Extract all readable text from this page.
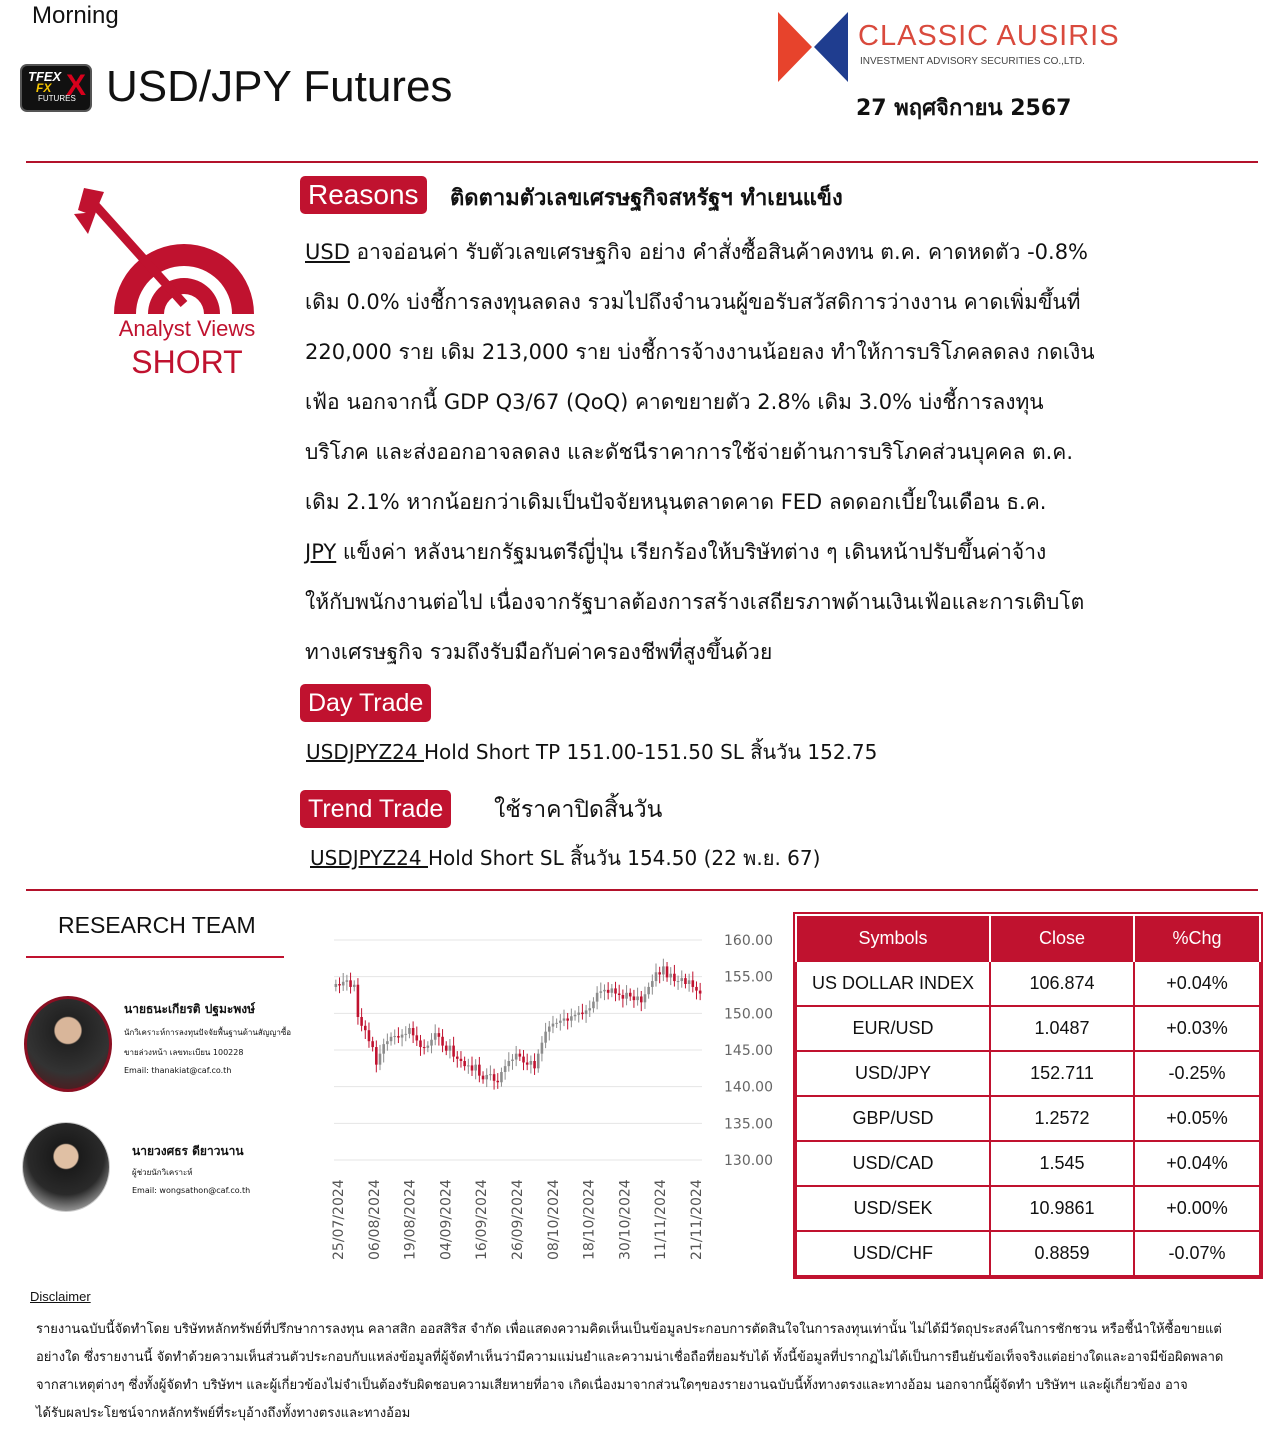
Morning
TFEX
FX
FUTURES
X USD/JPY Futures
CLASSIC AUSIRIS
INVESTMENT ADVISORY SECURITIES CO.,LTD.
27 พฤศจิกายน 2567
Analyst Views
SHORT
Reasons	ติดตามตัวเลขเศรษฐกิจสหรัฐฯ ทำเยนแข็ง

USD อาจอ่อนค่า รับตัวเลขเศรษฐกิจ อย่าง คำสั่งซื้อสินค้าคงทน ต.ค. คาดหดตัว -0.8%

เดิม 0.0% บ่งชี้การลงทุนลดลง รวมไปถึงจำนวนผู้ขอรับสวัสดิการว่างงาน คาดเพิ่มขึ้นที่

220,000 ราย เดิม 213,000 ราย บ่งชี้การจ้างงานน้อยลง ทำให้การบริโภคลดลง กดเงิน

เฟ้อ นอกจากนี้ GDP Q3/67 (QoQ) คาดขยายตัว 2.8% เดิม 3.0% บ่งชี้การลงทุน

บริโภค และส่งออกอาจลดลง และดัชนีราคาการใช้จ่ายด้านการบริโภคส่วนบุคคล ต.ค.

เดิม 2.1% หากน้อยกว่าเดิมเป็นปัจจัยหนุนตลาดคาด FED ลดดอกเบี้ยในเดือน ธ.ค.

JPY แข็งค่า หลังนายกรัฐมนตรีญี่ปุ่น เรียกร้องให้บริษัทต่าง ๆ เดินหน้าปรับขึ้นค่าจ้าง

ให้กับพนักงานต่อไป เนื่องจากรัฐบาลต้องการสร้างเสถียรภาพด้านเงินเฟ้อและการเติบโต

ทางเศรษฐกิจ รวมถึงรับมือกับค่าครองชีพที่สูงขึ้นด้วย

Day Trade
USDJPYZ24 Hold Short TP 151.00-151.50 SL สิ้นวัน 152.75
Trend Trade	ใช้ราคาปิดสิ้นวัน
USDJPYZ24 Hold Short SL สิ้นวัน 154.50 (22 พ.ย. 67)
RESEARCH TEAM
นายธนะเกียรติ ปฐมะพงษ์
นักวิเคราะห์การลงทุนปัจจัยพื้นฐานด้านสัญญาซื้อ
ขายล่วงหน้า เลขทะเบียน 100228
Email: thanakiat@caf.co.th
นายวงศธร ดียาวนาน
ผู้ช่วยนักวิเคราะห์
Email: wongsathon@caf.co.th
160.00
155.00
150.00
145.00
140.00
135.00
130.00
25/07/2024 06/08/2024 19/08/2024 04/09/2024 16/09/2024 26/09/2024 08/10/2024 18/10/2024 30/10/2024 11/11/2024 21/11/2024
Symbols	Close	%Chg
US DOLLAR INDEX	106.874	+0.04%
EUR/USD	1.0487	+0.03%
USD/JPY	152.711	-0.25%
GBP/USD	1.2572	+0.05%
USD/CAD	1.545	+0.04%
USD/SEK	10.9861	+0.00%
USD/CHF	0.8859	-0.07%
Disclaimer

รายงานฉบับนี้จัดทำโดย บริษัทหลักทรัพย์ที่ปรึกษาการลงทุน คลาสสิก ออสสิริส จำกัด เพื่อแสดงความคิดเห็นเป็นข้อมูลประกอบการตัดสินใจในการลงทุนเท่านั้น ไม่ได้มีวัตถุประสงค์ในการชักชวน หรือชี้นำให้ซื้อขายแต่

อย่างใด ซึ่งรายงานนี้ จัดทำด้วยความเห็นส่วนตัวประกอบกับแหล่งข้อมูลที่ผู้จัดทำเห็นว่ามีความแม่นยำและความน่าเชื่อถือที่ยอมรับได้ ทั้งนี้ข้อมูลที่ปรากฏไม่ได้เป็นการยืนยันข้อเท็จจริงแต่อย่างใดและอาจมีข้อผิดพลาด

จากสาเหตุต่างๆ ซึ่งทั้งผู้จัดทำ บริษัทฯ และผู้เกี่ยวข้องไม่จำเป็นต้องรับผิดชอบความเสียหายที่อาจ เกิดเนื่องมาจากส่วนใดๆของรายงานฉบับนี้ทั้งทางตรงและทางอ้อม นอกจากนี้ผู้จัดทำ บริษัทฯ และผู้เกี่ยวข้อง อาจ

ได้รับผลประโยชน์จากหลักทรัพย์ที่ระบุอ้างถึงทั้งทางตรงและทางอ้อม
